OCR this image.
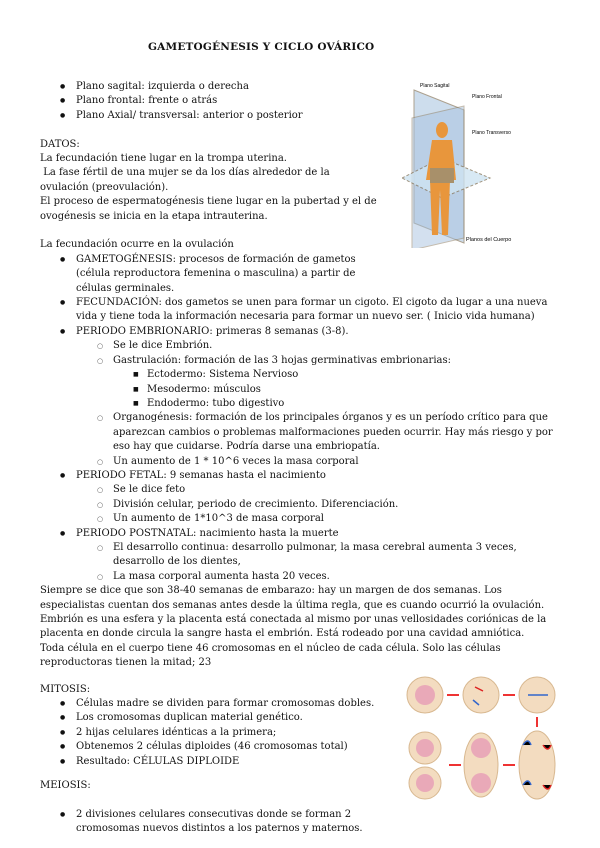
GAMETOGÉNESIS Y CICLO OVÁRICO
● Plano sagital: izquierda o derecha
● Plano frontal: frente o atrás
● Plano Axial/ transversal: anterior o posterior
DATOS:
La fecundación tiene lugar en la trompa uterina.
La fase fértil de una mujer se da los días alrededor de la ovulación (preovulación).
El proceso de espermatogénesis tiene lugar en la pubertad y el de ovogénesis se inicia en la etapa intrauterina.
La fecundación ocurre en la ovulación
● GAMETOGÉNESIS: procesos de formación de gametos (célula reproductora femenina o masculina) a partir de células germinales.
● FECUNDACIÓN: dos gametos se unen para formar un cigoto. El cigoto da lugar a una nueva vida y tiene toda la información necesaria para formar un nuevo ser. ( Inicio vida humana)
● PERIODO EMBRIONARIO: primeras 8 semanas (3-8).
○ Se le dice Embrión.
○ Gastrulación: formación de las 3 hojas germinativas embrionarias:
■ Ectodermo: Sistema Nervioso
■ Mesodermo: músculos
■ Endodermo: tubo digestivo
○ Organogénesis: formación de los principales órganos y es un período crítico para que aparezcan cambios o problemas malformaciones pueden ocurrir. Hay más riesgo y por eso hay que cuidarse. Podría darse una embriopatía.
○ Un aumento de 1 * 10^6 veces la masa corporal
● PERIODO FETAL: 9 semanas hasta el nacimiento
○ Se le dice feto
○ División celular, periodo de crecimiento. Diferenciación.
○ Un aumento de 1*10^3 de masa corporal
● PERIODO POSTNATAL: nacimiento hasta la muerte
○ El desarrollo continua: desarrollo pulmonar, la masa cerebral aumenta 3 veces, desarrollo de los dientes,
○ La masa corporal aumenta hasta 20 veces.
Siempre se dice que son 38-40 semanas de embarazo: hay un margen de dos semanas. Los especialistas cuentan dos semanas antes desde la última regla, que es cuando ocurrió la ovulación.
Embrión es una esfera y la placenta está conectada al mismo por unas vellosidades coriónicas de la placenta en donde circula la sangre hasta el embrión. Está rodeado por una cavidad amniótica.
Toda célula en el cuerpo tiene 46 cromosomas en el núcleo de cada célula. Solo las células reproductoras tienen la mitad; 23
MITOSIS:
● Células madre se dividen para formar cromosomas dobles.
● Los cromosomas duplican material genético.
● 2 hijas celulares idénticas a la primera;
● Obtenemos 2 células diploides (46 cromosomas total)
● Resultado: CÉLULAS DIPLOIDE
MEIOSIS:
● 2 divisiones celulares consecutivas donde se forman 2 cromosomas nuevos distintos a los paternos y maternos.
Plano Sagital
Plano Frontal
Plano Transverso
Planos del Cuerpo
